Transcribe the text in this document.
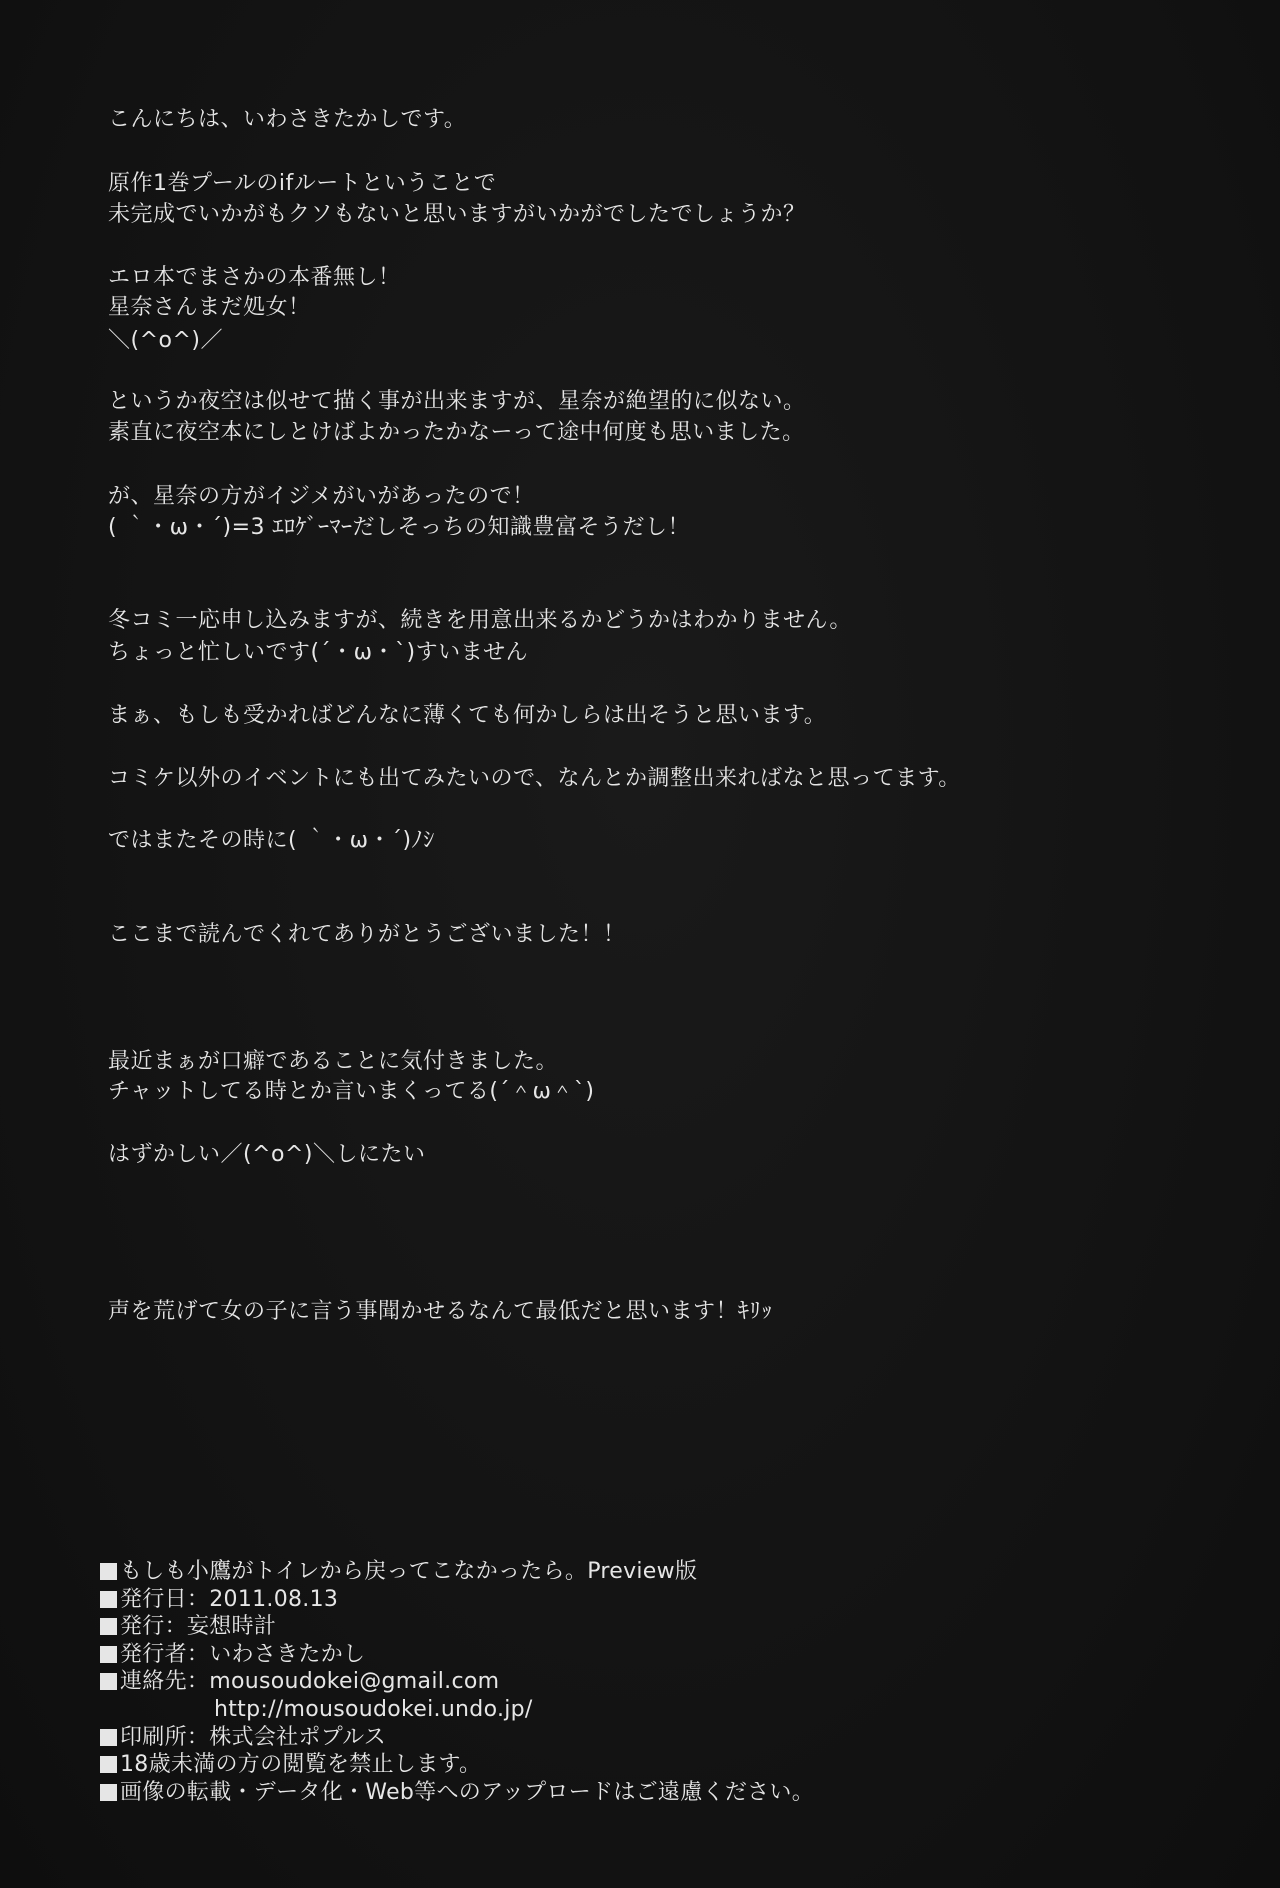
こんにちは、いわさきたかしです。
原作1巻プールのifルートということで
未完成でいかがもクソもないと思いますがいかがでしたでしょうか？
エロ本でまさかの本番無し！
星奈さんまだ処女！
＼(^o^)／
というか夜空は似せて描く事が出来ますが、星奈が絶望的に似ない。
素直に夜空本にしとけばよかったかなーって途中何度も思いました。
が、星奈の方がイジメがいがあったので！
( ｀・ω・´)=3 ｴﾛｹﾞｰﾏｰだしそっちの知識豊富そうだし！
冬コミ一応申し込みますが、続きを用意出来るかどうかはわかりません。
ちょっと忙しいです(´・ω・`)すいません
まぁ、もしも受かればどんなに薄くても何かしらは出そうと思います。
コミケ以外のイベントにも出てみたいので、なんとか調整出来ればなと思ってます。
ではまたその時に( ｀・ω・´)ﾉｼ
ここまで読んでくれてありがとうございました！！
最近まぁが口癖であることに気付きました。
チャットしてる時とか言いまくってる(´＾ω＾`)
はずかしい／(^o^)＼しにたい
声を荒げて女の子に言う事聞かせるなんて最低だと思います！ｷﾘｯ
もしも小鷹がトイレから戻ってこなかったら。Preview版
発行日 ： 2011.08.13
発行 ： 妄想時計
発行者 ： いわさきたかし
連絡先 ： mousoudokei@gmail.com
http://mousoudokei.undo.jp/
印刷所 ： 株式会社ポプルス
18歳未満の方の閲覧を禁止します。
画像の転載・データ化・Web等へのアップロードはご遠慮ください。
